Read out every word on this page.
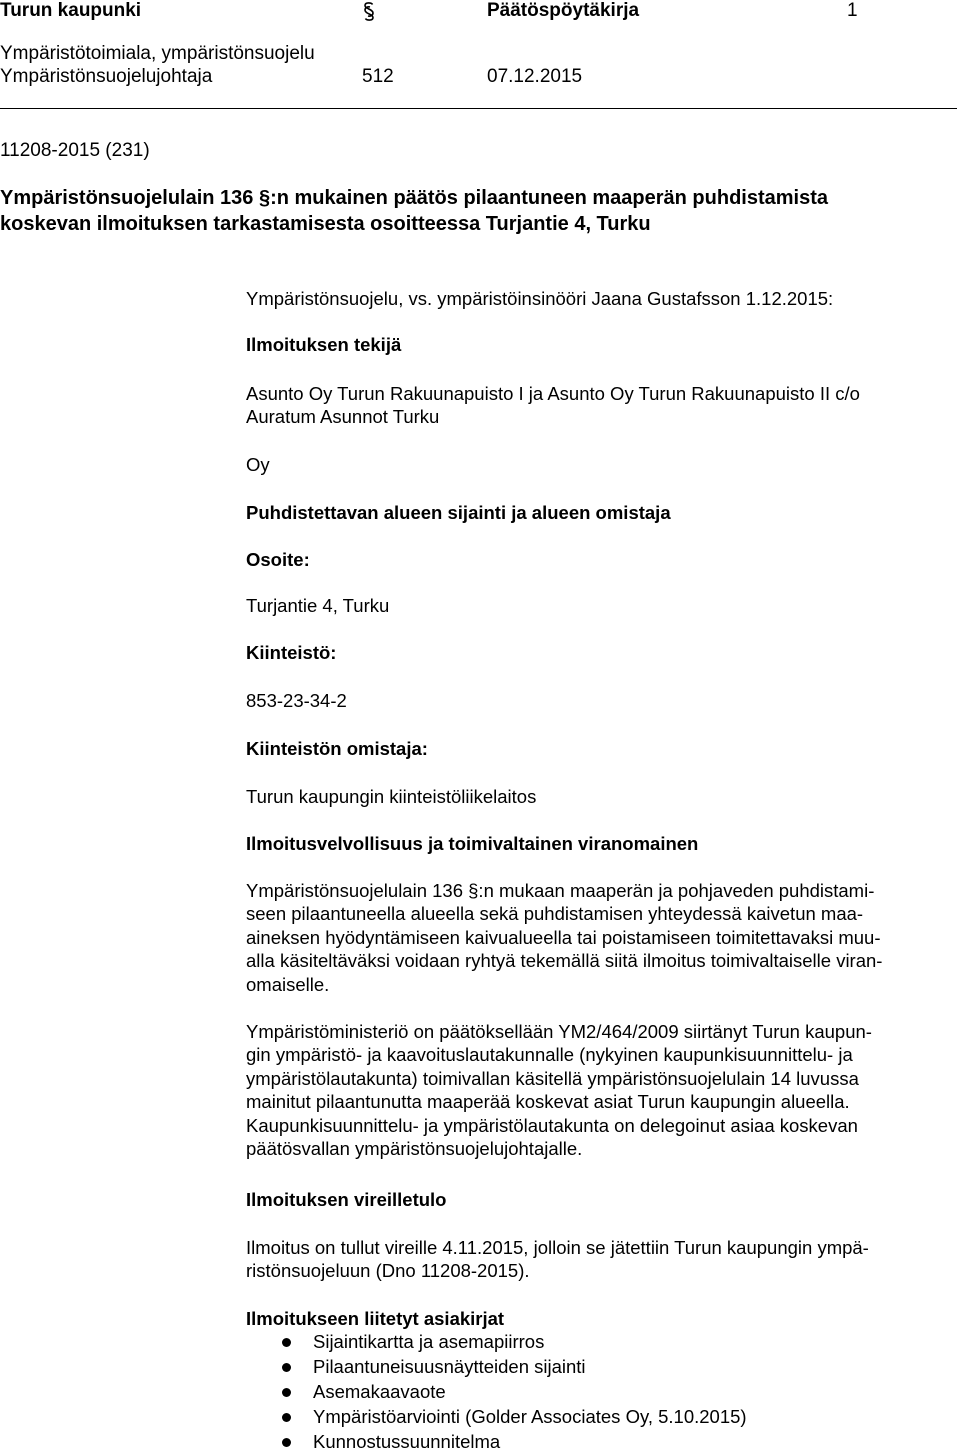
Turun kaupunki	Päätöspöytäkirja	1
Ympäristötoimiala, ympäristönsuojelu
Ympäristönsuojelujohtaja	512	07.12.2015
11208-2015 (231)
Ympäristönsuojelulain 136 §:n mukainen päätös pilaantuneen maaperän puhdistamista
koskevan ilmoituksen tarkastamisesta osoitteessa Turjantie 4, Turku
Ympäristönsuojelu, vs. ympäristöinsinööri Jaana Gustafsson 1.12.2015:
Ilmoituksen tekijä
Asunto Oy Turun Rakuunapuisto I ja Asunto Oy Turun Rakuunapuisto II c/o
Auratum Asunnot Turku
Oy
Puhdistettavan alueen sijainti ja alueen omistaja
Osoite:
Turjantie 4, Turku
Kiinteistö:
853-23-34-2
Kiinteistön omistaja:
Turun kaupungin kiinteistöliikelaitos
Ilmoitusvelvollisuus ja toimivaltainen viranomainen
Ympäristönsuojelulain 136 §:n mukaan maaperän ja pohjaveden puhdistami-
seen pilaantuneella alueella sekä puhdistamisen yhteydessä kaivetun maa-
aineksen hyödyntämiseen kaivualueella tai poistamiseen toimitettavaksi muu-
alla käsiteltäväksi voidaan ryhtyä tekemällä siitä ilmoitus toimivaltaiselle viran-
omaiselle.
Ympäristöministeriö on päätöksellään YM2/464/2009 siirtänyt Turun kaupun-
gin ympäristö- ja kaavoituslautakunnalle (nykyinen kaupunkisuunnittelu- ja
ympäristölautakunta) toimivallan käsitellä ympäristönsuojelulain 14 luvussa
mainitut pilaantunutta maaperää koskevat asiat Turun kaupungin alueella.
Kaupunkisuunnittelu- ja ympäristölautakunta on delegoinut asiaa koskevan
päätösvallan ympäristönsuojelujohtajalle.
Ilmoituksen vireilletulo
Ilmoitus on tullut vireille 4.11.2015, jolloin se jätettiin Turun kaupungin ympä-
ristönsuojeluun (Dno 11208-2015).
Ilmoitukseen liitetyt asiakirjat
Sijaintikartta ja asemapiirros
Pilaantuneisuusnäytteiden sijainti
Asemakaavaote
Ympäristöarviointi (Golder Associates Oy, 5.10.2015)
Kunnostussuunnitelma
